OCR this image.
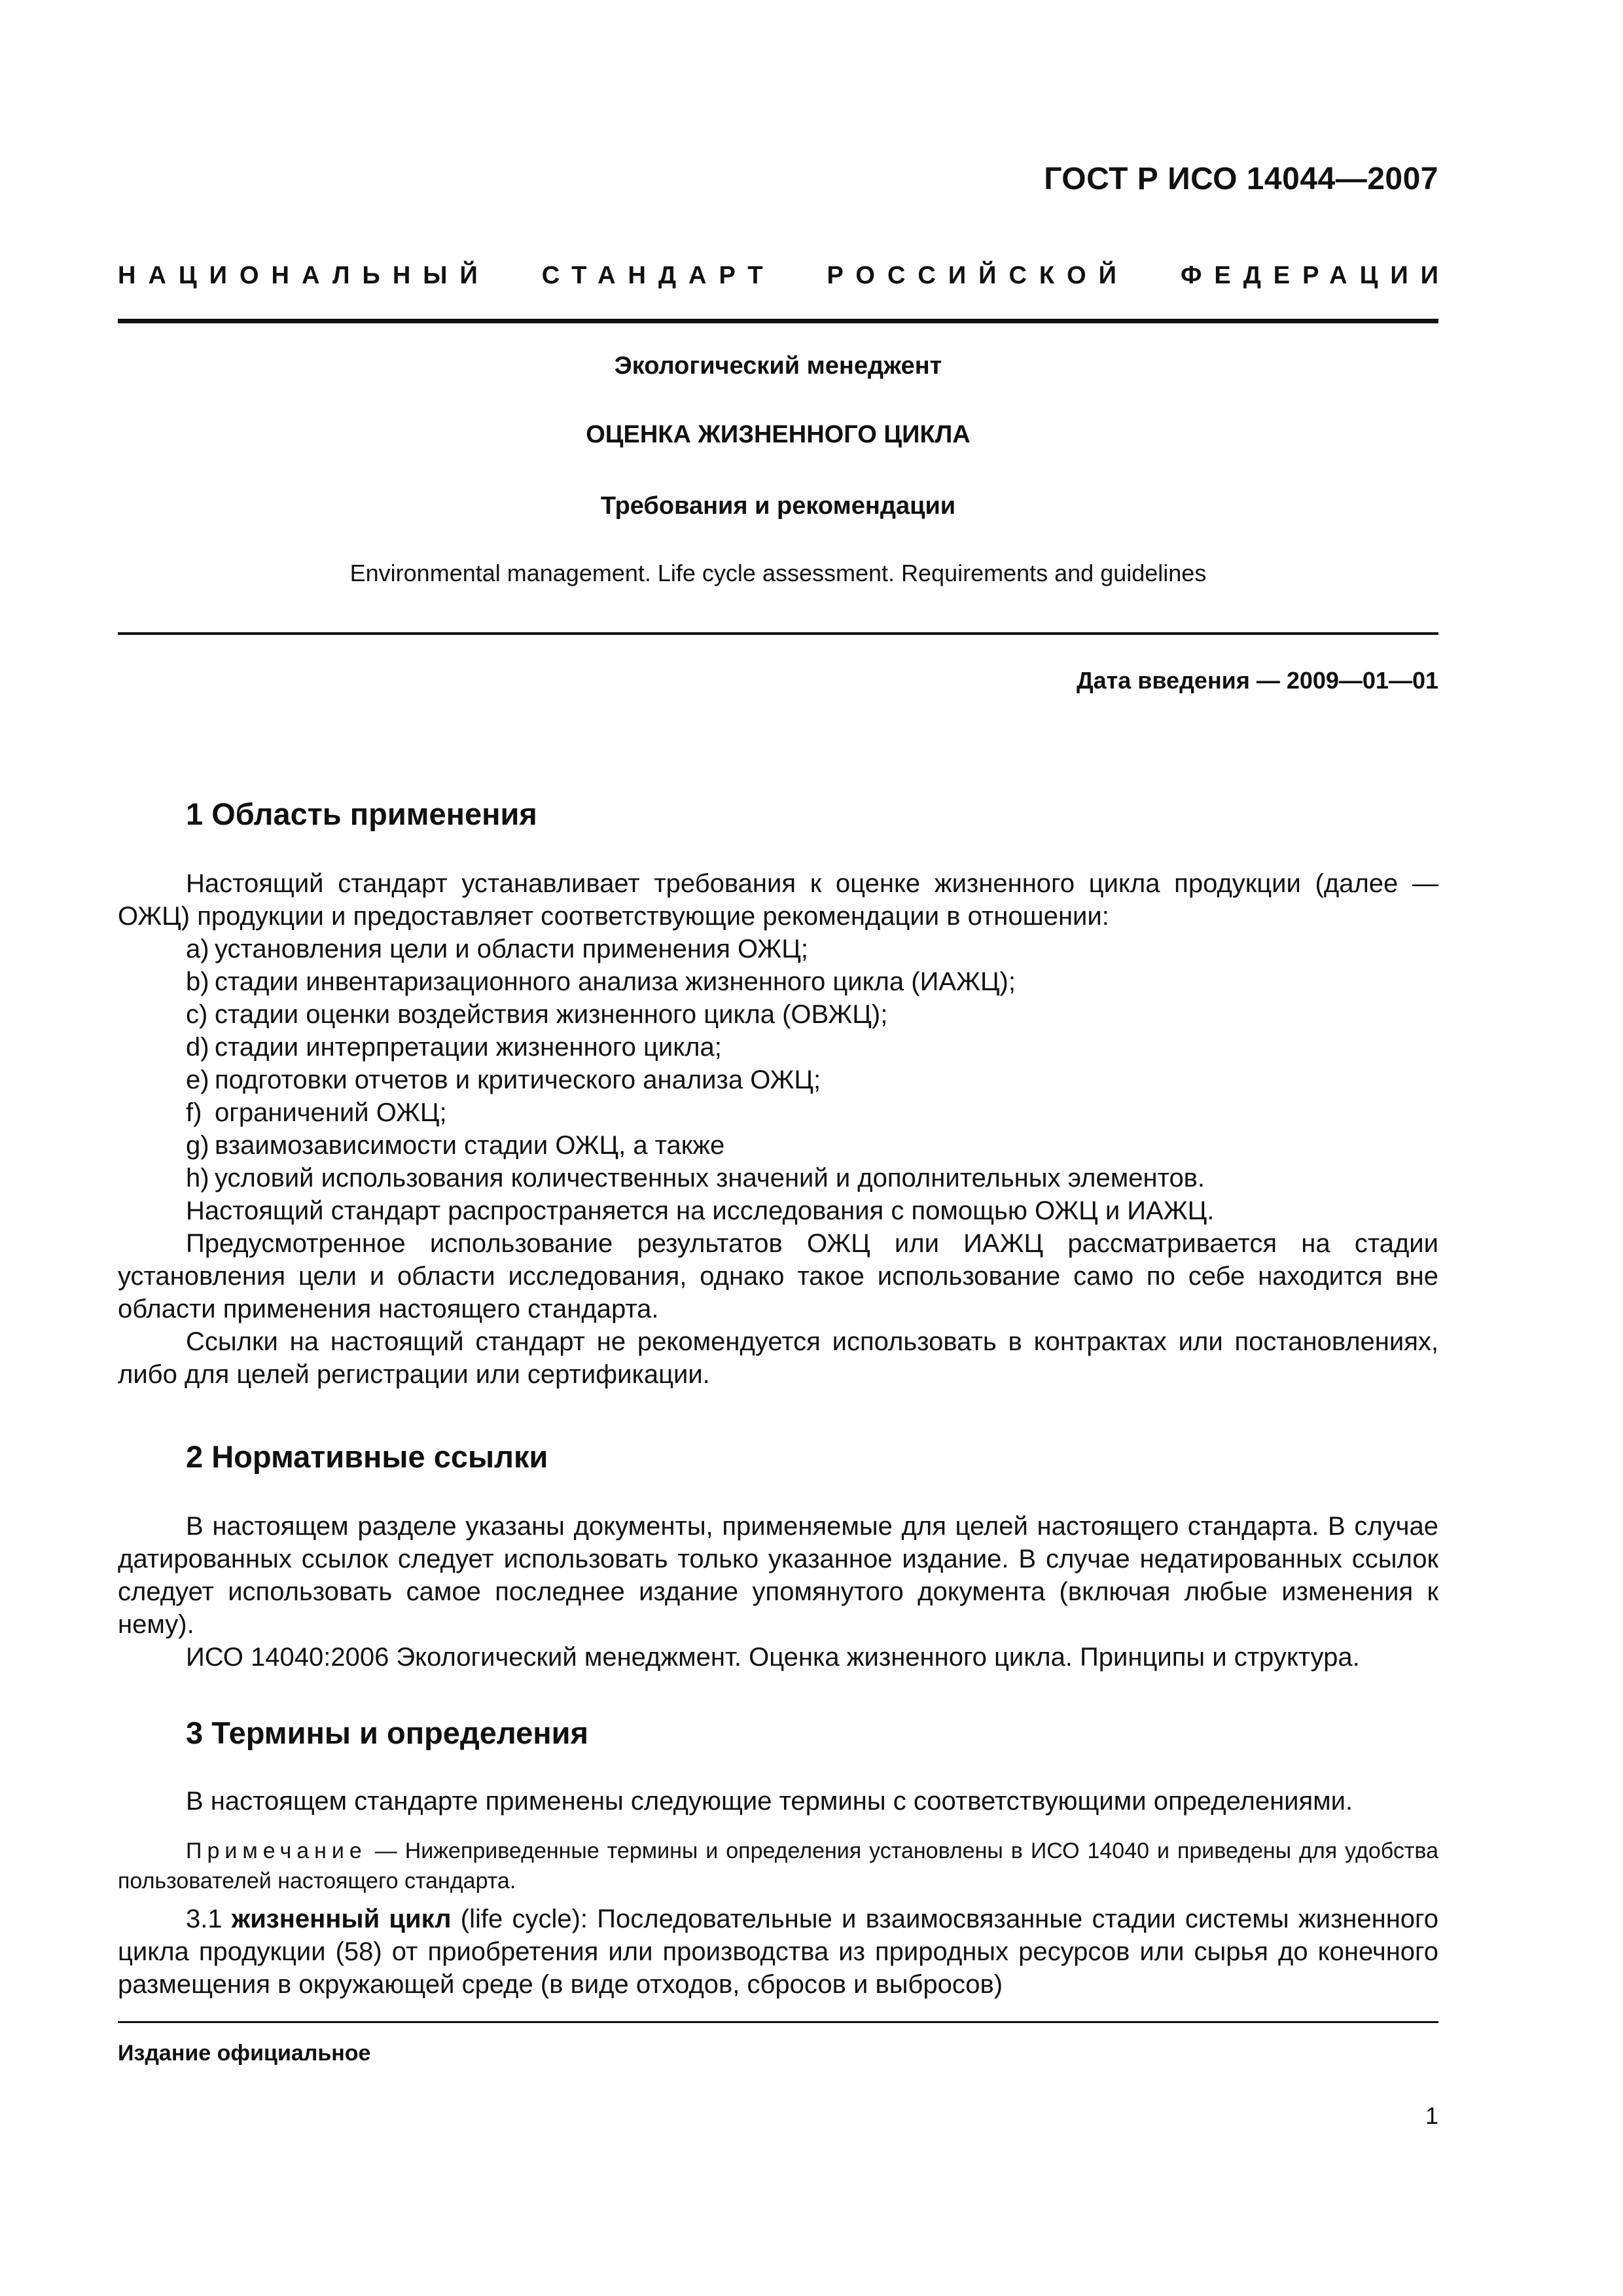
ГОСТ Р ИСО 14044—2007
НАЦИОНАЛЬНЫЙ СТАНДАРТ РОССИЙСКОЙ ФЕДЕРАЦИИ
Экологический менеджент
ОЦЕНКА ЖИЗНЕННОГО ЦИКЛА
Требования и рекомендации
Environmental management. Life cycle assessment. Requirements and guidelines
Дата введения — 2009—01—01
1 Область применения

Настоящий стандарт устанавливает требования к оценке жизненного цикла продукции (далее — ОЖЦ) продукции и предоставляет соответствующие рекомендации в отношении:

a) установления цели и области применения ОЖЦ;
b) стадии инвентаризационного анализа жизненного цикла (ИАЖЦ);
c) стадии оценки воздействия жизненного цикла (ОВЖЦ);
d) стадии интерпретации жизненного цикла;
e) подготовки отчетов и критического анализа ОЖЦ;
f) ограничений ОЖЦ;
g) взаимозависимости стадии ОЖЦ, а также
h) условий использования количественных значений и дополнительных элементов.

Настоящий стандарт распространяется на исследования с помощью ОЖЦ и ИАЖЦ.

Предусмотренное использование результатов ОЖЦ или ИАЖЦ рассматривается на стадии установления цели и области исследования, однако такое использование само по себе находится вне области применения настоящего стандарта.

Ссылки на настоящий стандарт не рекомендуется использовать в контрактах или постановлениях, либо для целей регистрации или сертификации.

2 Нормативные ссылки

В настоящем разделе указаны документы, применяемые для целей настоящего стандарта. В случае датированных ссылок следует использовать только указанное издание. В случае недатированных ссылок следует использовать самое последнее издание упомянутого документа (включая любые изменения к нему).

ИСО 14040:2006 Экологический менеджмент. Оценка жизненного цикла. Принципы и структура.

3 Термины и определения

В настоящем стандарте применены следующие термины с соответствующими определениями.

Примечание — Нижеприведенные термины и определения установлены в ИСО 14040 и приведены для удобства пользователей настоящего стандарта.

3.1 жизненный цикл (life cycle): Последовательные и взаимосвязанные стадии системы жизненного цикла продукции (58) от приобретения или производства из природных ресурсов или сырья до конечного размещения в окружающей среде (в виде отходов, сбросов и выбросов)

Издание официальное
1
